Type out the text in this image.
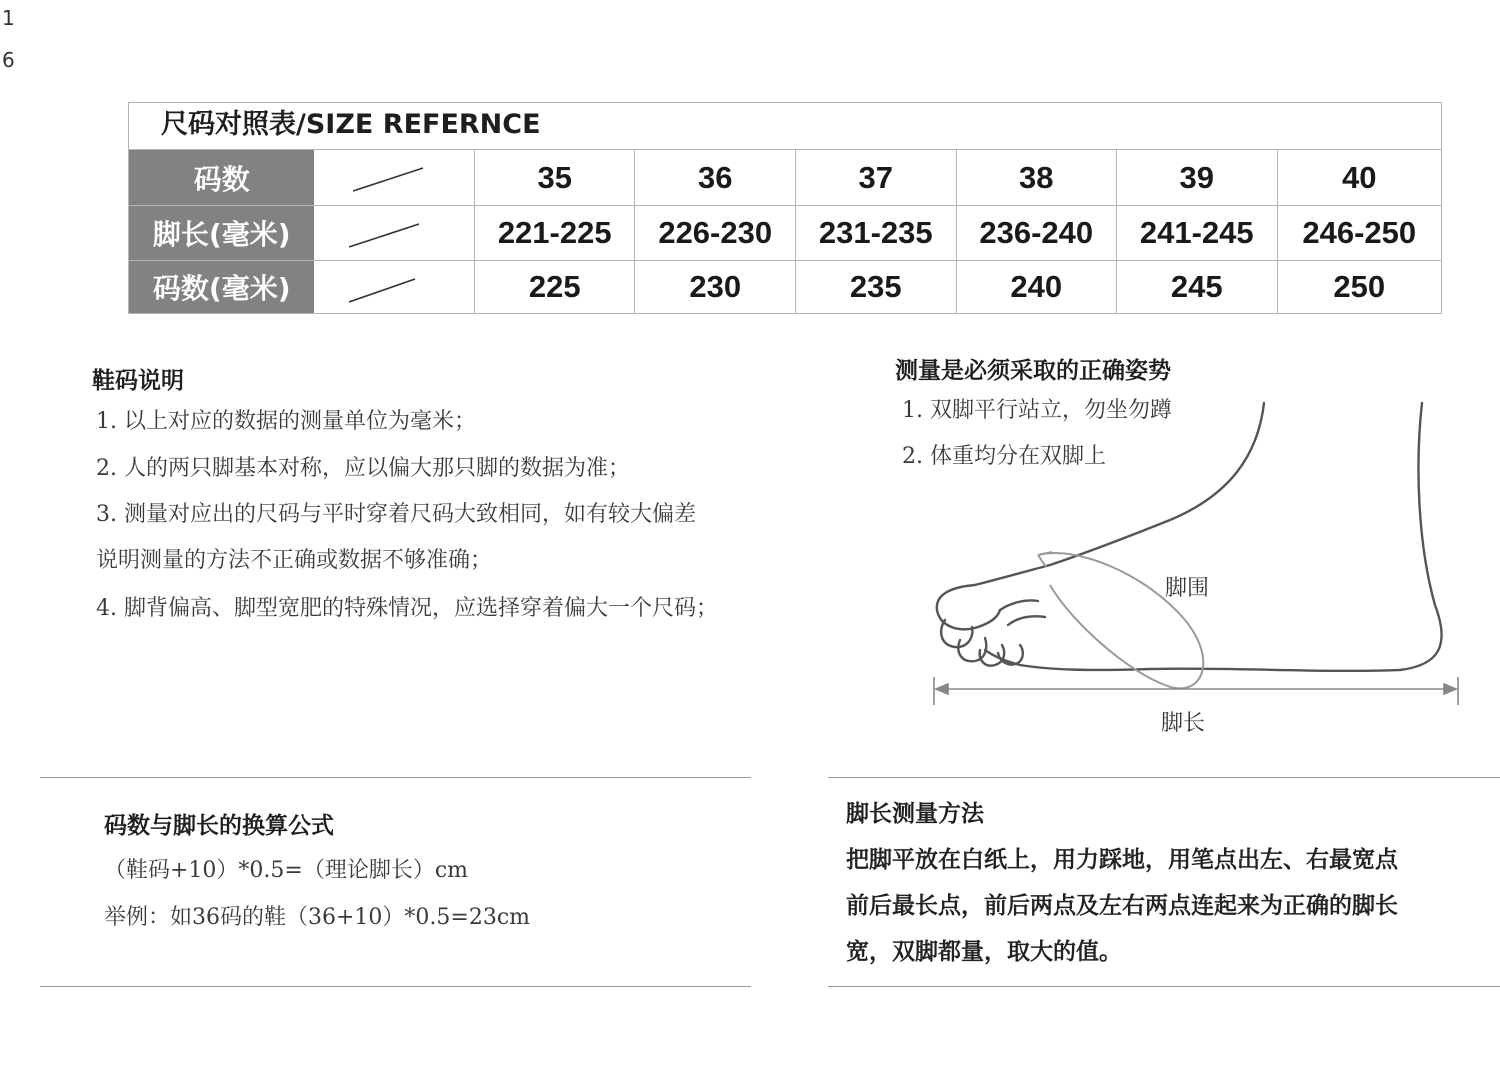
1
6
尺码对照表/SIZE REFERNCE
码数	35	36	37	38	39	40
脚长(毫米)	221-225	226-230	231-235	236-240	241-245	246-250
码数(毫米)	225	230	235	240	245	250
鞋码说明
1. 以上对应的数据的测量单位为毫米；
2. 人的两只脚基本对称，应以偏大那只脚的数据为准；
3. 测量对应出的尺码与平时穿着尺码大致相同，如有较大偏差
说明测量的方法不正确或数据不够准确；
4. 脚背偏高、脚型宽肥的特殊情况，应选择穿着偏大一个尺码；
测量是必须采取的正确姿势
1. 双脚平行站立，勿坐勿蹲
2. 体重均分在双脚上
脚围
脚长
码数与脚长的换算公式
（鞋码+10）*0.5=（理论脚长）cm
举例：如36码的鞋（36+10）*0.5=23cm
脚长测量方法
把脚平放在白纸上，用力踩地，用笔点出左、右最宽点
前后最长点，前后两点及左右两点连起来为正确的脚长
宽，双脚都量，取大的值。
